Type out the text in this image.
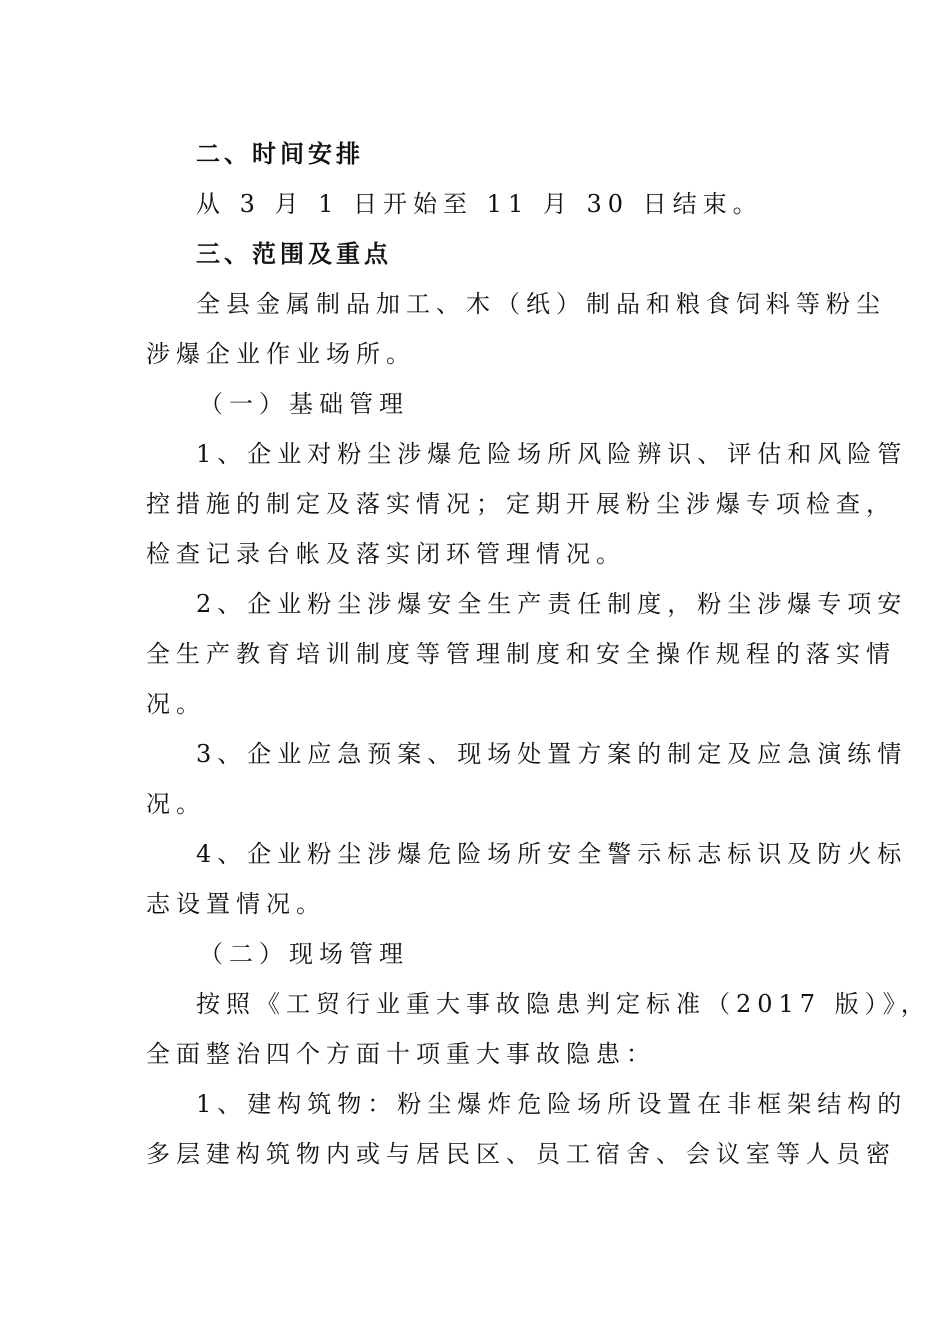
二、时间安排
从 3 月 1 日开始至 11 月 30 日结束。
三、范围及重点
全县金属制品加工、木（纸）制品和粮食饲料等粉尘
涉爆企业作业场所。
（一）基础管理
1、企业对粉尘涉爆危险场所风险辨识、评估和风险管
控措施的制定及落实情况；定期开展粉尘涉爆专项检查，
检查记录台帐及落实闭环管理情况。
2、企业粉尘涉爆安全生产责任制度，粉尘涉爆专项安
全生产教育培训制度等管理制度和安全操作规程的落实情
况。
3、企业应急预案、现场处置方案的制定及应急演练情
况。
4、企业粉尘涉爆危险场所安全警示标志标识及防火标
志设置情况。
（二）现场管理
按照《工贸行业重大事故隐患判定标准（2017 版）》，
全面整治四个方面十项重大事故隐患：
1、建构筑物：粉尘爆炸危险场所设置在非框架结构的
多层建构筑物内或与居民区、员工宿舍、会议室等人员密
